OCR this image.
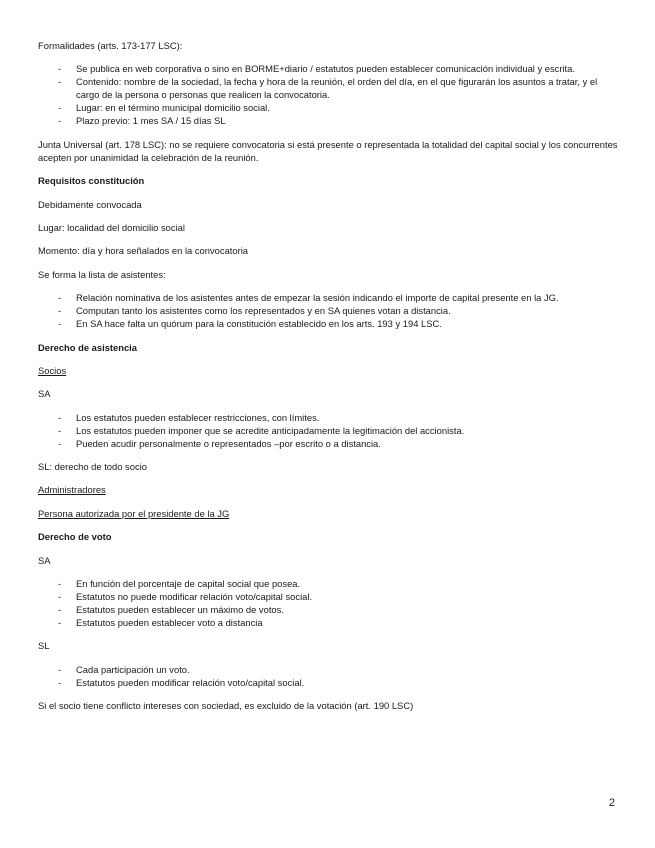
Formalidades (arts. 173-177 LSC):

- Se publica en web corporativa o sino en BORME+diario / estatutos pueden establecer comunicación individual y escrita.
- Contenido: nombre de la sociedad, la fecha y hora de la reunión, el orden del día, en el que figurarán los asuntos a tratar, y el cargo de la persona o personas que realicen la convocatoria.
- Lugar: en el término municipal domicilio social.
- Plazo previo: 1 mes SA / 15 días SL

Junta Universal (art. 178 LSC): no se requiere convocatoria si está presente o representada la totalidad del capital social y los concurrentes acepten por unanimidad la celebración de la reunión.

Requisitos constitución

Debidamente convocada

Lugar: localidad del domicilio social

Momento: día y hora señalados en la convocatoria

Se forma la lista de asistentes:

- Relación nominativa de los asistentes antes de empezar la sesión indicando el importe de capital presente en la JG.
- Computan tanto los asistentes como los representados y en SA quienes votan a distancia.
- En SA hace falta un quórum para la constitución establecido en los arts. 193 y 194 LSC.

Derecho de asistencia

Socios

SA

- Los estatutos pueden establecer restricciones, con límites.
- Los estatutos pueden imponer que se acredite anticipadamente la legitimación del accionista.
- Pueden acudir personalmente o representados –por escrito o a distancia.

SL: derecho de todo socio

Administradores

Persona autorizada por el presidente de la JG

Derecho de voto

SA

- En función del porcentaje de capital social que posea.
- Estatutos no puede modificar relación voto/capital social.
- Estatutos pueden establecer un máximo de votos.
- Estatutos pueden establecer voto a distancia

SL

- Cada participación un voto.
- Estatutos pueden modificar relación voto/capital social.

Si el socio tiene conflicto intereses con sociedad, es excluido de la votación (art. 190 LSC)

2
